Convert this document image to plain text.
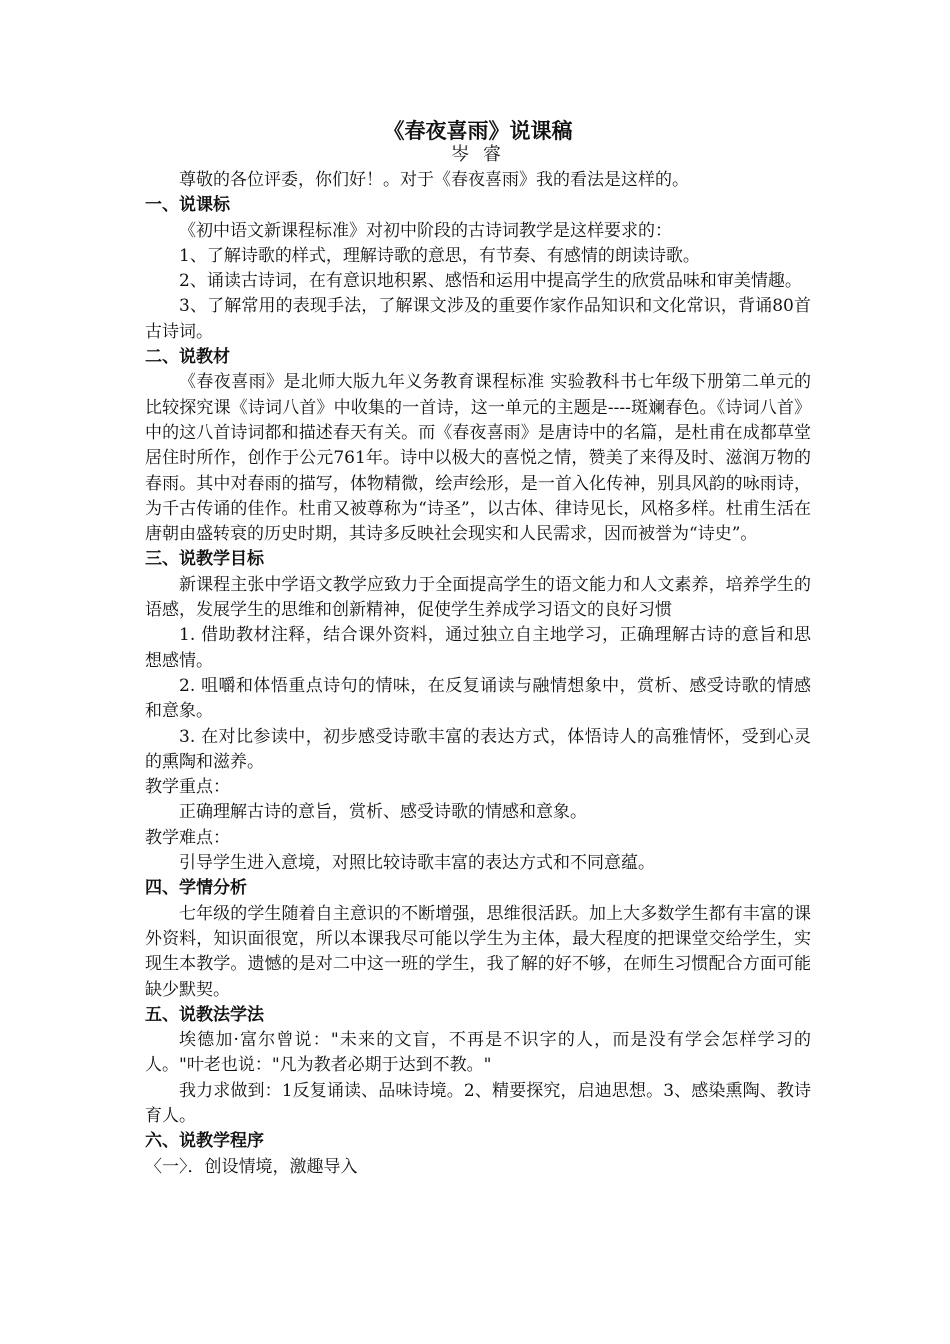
《春夜喜雨》说课稿
岑 睿

尊敬的各位评委，你们好！。对于《春夜喜雨》我的看法是这样的。

一、说课标

《初中语文新课程标准》对初中阶段的古诗词教学是这样要求的：

1、了解诗歌的样式，理解诗歌的意思，有节奏、有感情的朗读诗歌。

2、诵读古诗词，在有意识地积累、感悟和运用中提高学生的欣赏品味和审美情趣。

3、了解常用的表现手法，了解课文涉及的重要作家作品知识和文化常识，背诵80首古诗词。

二、说教材

《春夜喜雨》是北师大版九年义务教育课程标准 实验教科书七年级下册第二单元的比较探究课《诗词八首》中收集的一首诗，这一单元的主题是----斑斓春色。《诗词八首》中的这八首诗词都和描述春天有关。而《春夜喜雨》是唐诗中的名篇，是杜甫在成都草堂居住时所作，创作于公元761年。诗中以极大的喜悦之情，赞美了来得及时、滋润万物的春雨。其中对春雨的描写，体物精微，绘声绘形，是一首入化传神，别具风韵的咏雨诗，为千古传诵的佳作。杜甫又被尊称为“诗圣”，以古体、律诗见长，风格多样。杜甫生活在唐朝由盛转衰的历史时期，其诗多反映社会现实和人民需求，因而被誉为“诗史”。

三、说教学目标

新课程主张中学语文教学应致力于全面提高学生的语文能力和人文素养，培养学生的语感，发展学生的思维和创新精神，促使学生养成学习语文的良好习惯

1. 借助教材注释，结合课外资料，通过独立自主地学习，正确理解古诗的意旨和思想感情。

2. 咀嚼和体悟重点诗句的情味，在反复诵读与融情想象中，赏析、感受诗歌的情感和意象。

3. 在对比参读中，初步感受诗歌丰富的表达方式，体悟诗人的高雅情怀，受到心灵的熏陶和滋养。

教学重点：

正确理解古诗的意旨，赏析、感受诗歌的情感和意象。

教学难点：

引导学生进入意境，对照比较诗歌丰富的表达方式和不同意蕴。

四、学情分析

七年级的学生随着自主意识的不断增强，思维很活跃。加上大多数学生都有丰富的课外资料，知识面很宽，所以本课我尽可能以学生为主体，最大程度的把课堂交给学生，实现生本教学。遗憾的是对二中这一班的学生，我了解的好不够，在师生习惯配合方面可能缺少默契。

五、说教法学法

埃德加·富尔曾说："未来的文盲，不再是不识字的人，而是没有学会怎样学习的人。"叶老也说："凡为教者必期于达到不教。"

我力求做到：1反复诵读、品味诗境。2、精要探究，启迪思想。3、感染熏陶、教诗育人。

六、说教学程序

〈一〉．创设情境，激趣导入
